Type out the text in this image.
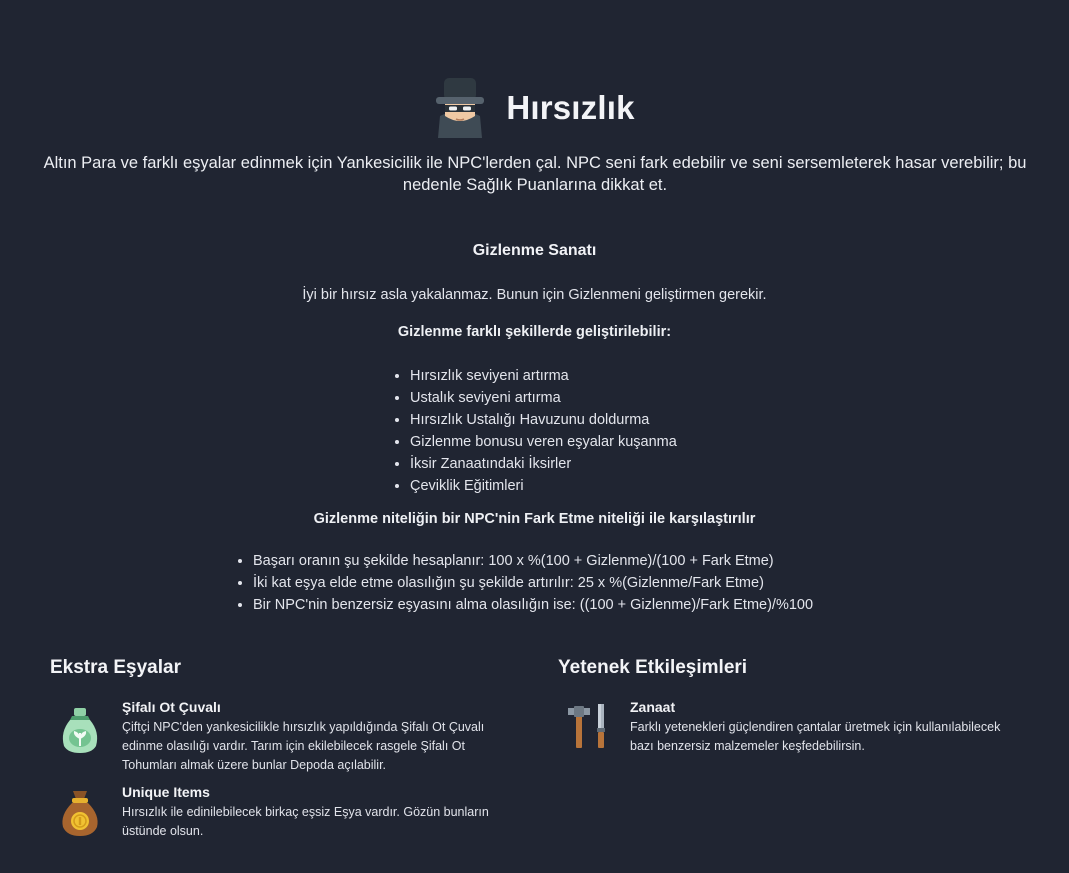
Hırsızlık
Altın Para ve farklı eşyalar edinmek için Yankesicilik ile NPC'lerden çal. NPC seni fark edebilir ve seni sersemleterek hasar verebilir; bu nedenle Sağlık Puanlarına dikkat et.
Gizlenme Sanatı
İyi bir hırsız asla yakalanmaz. Bunun için Gizlenmeni geliştirmen gerekir.
Gizlenme farklı şekillerde geliştirilebilir:
• Hırsızlık seviyeni artırma
• Ustalık seviyeni artırma
• Hırsızlık Ustalığı Havuzunu doldurma
• Gizlenme bonusu veren eşyalar kuşanma
• İksir Zanaatındaki İksirler
• Çeviklik Eğitimleri
Gizlenme niteliğin bir NPC'nin Fark Etme niteliği ile karşılaştırılır
• Başarı oranın şu şekilde hesaplanır: 100 x %(100 + Gizlenme)/(100 + Fark Etme)
• İki kat eşya elde etme olasılığın şu şekilde artırılır: 25 x %(Gizlenme/Fark Etme)
• Bir NPC'nin benzersiz eşyasını alma olasılığın ise: ((100 + Gizlenme)/Fark Etme)/%100
Ekstra Eşyalar	Yetenek Etkileşimleri
Şifalı Ot Çuvalı
Çiftçi NPC'den yankesicilikle hırsızlık yapıldığında Şifalı Ot Çuvalı edinme olasılığı vardır. Tarım için ekilebilecek rasgele Şifalı Ot Tohumları almak üzere bunlar Depoda açılabilir.
Unique Items
Hırsızlık ile edinilebilecek birkaç eşsiz Eşya vardır. Gözün bunların üstünde olsun.
Zanaat
Farklı yetenekleri güçlendiren çantalar üretmek için kullanılabilecek bazı benzersiz malzemeler keşfedebilirsin.
